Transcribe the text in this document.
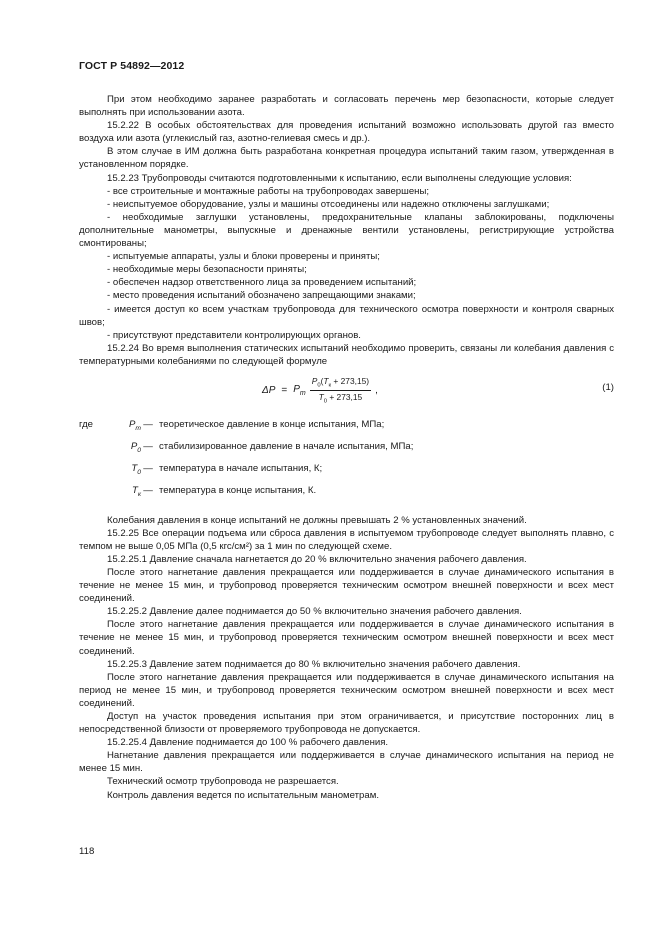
ГОСТ Р 54892—2012

При этом необходимо заранее разработать и согласовать перечень мер безопасности, которые следует выполнять при использовании азота.

15.2.22 В особых обстоятельствах для проведения испытаний возможно использовать другой газ вместо воздуха или азота (углекислый газ, азотно-гелиевая смесь и др.).

В этом случае в ИМ должна быть разработана конкретная процедура испытаний таким газом, утвержденная в установленном порядке.

15.2.23 Трубопроводы считаются подготовленными к испытанию, если выполнены следующие условия:

- все строительные и монтажные работы на трубопроводах завершены;

- неиспытуемое оборудование, узлы и машины отсоединены или надежно отключены заглушками;

- необходимые заглушки установлены, предохранительные клапаны заблокированы, подключены дополнительные манометры, выпускные и дренажные вентили установлены, регистрирующие устройства смонтированы;

- испытуемые аппараты, узлы и блоки проверены и приняты;

- необходимые меры безопасности приняты;

- обеспечен надзор ответственного лица за проведением испытаний;

- место проведения испытаний обозначено запрещающими знаками;

- имеется доступ ко всем участкам трубопровода для технического осмотра поверхности и контроля сварных швов;

- присутствуют представители контролирующих органов.

15.2.24 Во время выполнения статических испытаний необходимо проверить, связаны ли колебания давления с температурными колебаниями по следующей формуле

$\Delta P = P_m \frac{P_0(T_к + 273,15)}{T_0 + 273,15}$ ,	(1)
где	$P_m$ — теоретическое давление в конце испытания, МПа;
$P_0$ — стабилизированное давление в начале испытания, МПа;
$T_0$ — температура в начале испытания, К;
$T_к$ — температура в конце испытания, К.

Колебания давления в конце испытаний не должны превышать 2 % установленных значений.

15.2.25 Все операции подъема или сброса давления в испытуемом трубопроводе следует выполнять плавно, с темпом не выше 0,05 МПа (0,5 кгс/см²) за 1 мин по следующей схеме.

15.2.25.1 Давление сначала нагнетается до 20 % включительно значения рабочего давления.

После этого нагнетание давления прекращается или поддерживается в случае динамического испытания в течение не менее 15 мин, и трубопровод проверяется техническим осмотром внешней поверхности и всех мест соединений.

15.2.25.2 Давление далее поднимается до 50 % включительно значения рабочего давления.

После этого нагнетание давления прекращается или поддерживается в случае динамического испытания в течение не менее 15 мин, и трубопровод проверяется техническим осмотром внешней поверхности и всех мест соединений.

15.2.25.3 Давление затем поднимается до 80 % включительно значения рабочего давления.

После этого нагнетание давления прекращается или поддерживается в случае динамического испытания на период не менее 15 мин, и трубопровод проверяется техническим осмотром внешней поверхности и всех мест соединений.

Доступ на участок проведения испытания при этом ограничивается, и присутствие посторонних лиц в непосредственной близости от проверяемого трубопровода не допускается.

15.2.25.4 Давление поднимается до 100 % рабочего давления.

Нагнетание давления прекращается или поддерживается в случае динамического испытания на период не менее 15 мин.

Технический осмотр трубопровода не разрешается.

Контроль давления ведется по испытательным манометрам.

118
